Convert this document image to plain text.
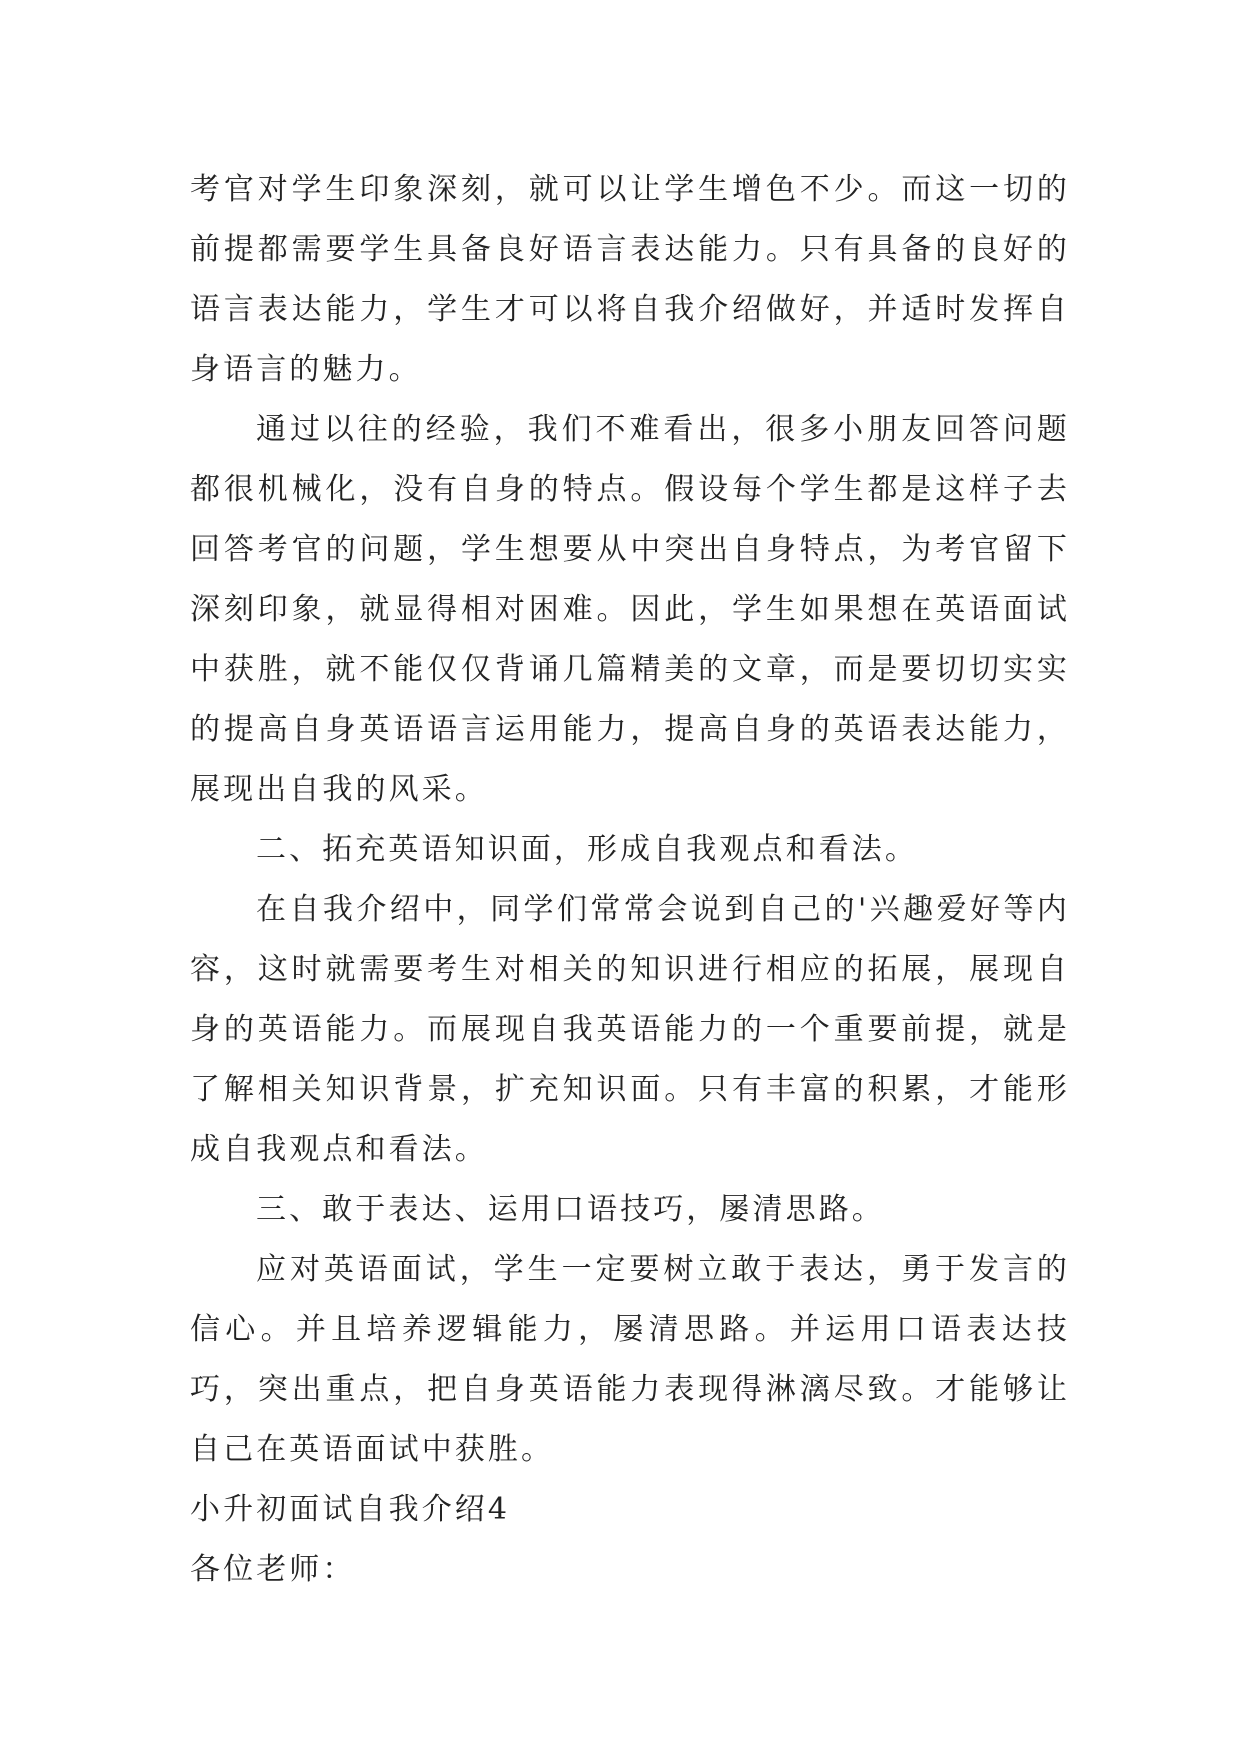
考官对学生印象深刻，就可以让学生增色不少。而这一切的前提都需要学生具备良好语言表达能力。只有具备的良好的语言表达能力，学生才可以将自我介绍做好，并适时发挥自身语言的魅力。

通过以往的经验，我们不难看出，很多小朋友回答问题都很机械化，没有自身的特点。假设每个学生都是这样子去回答考官的问题，学生想要从中突出自身特点，为考官留下深刻印象，就显得相对困难。因此，学生如果想在英语面试中获胜，就不能仅仅背诵几篇精美的文章，而是要切切实实的提高自身英语语言运用能力，提高自身的英语表达能力，展现出自我的风采。

二、拓充英语知识面，形成自我观点和看法。

在自我介绍中，同学们常常会说到自己的'兴趣爱好等内容，这时就需要考生对相关的知识进行相应的拓展，展现自身的英语能力。而展现自我英语能力的一个重要前提，就是了解相关知识背景，扩充知识面。只有丰富的积累，才能形成自我观点和看法。

三、敢于表达、运用口语技巧，屡清思路。

应对英语面试，学生一定要树立敢于表达，勇于发言的信心。并且培养逻辑能力，屡清思路。并运用口语表达技巧，突出重点，把自身英语能力表现得淋漓尽致。才能够让自己在英语面试中获胜。

小升初面试自我介绍4

各位老师：
